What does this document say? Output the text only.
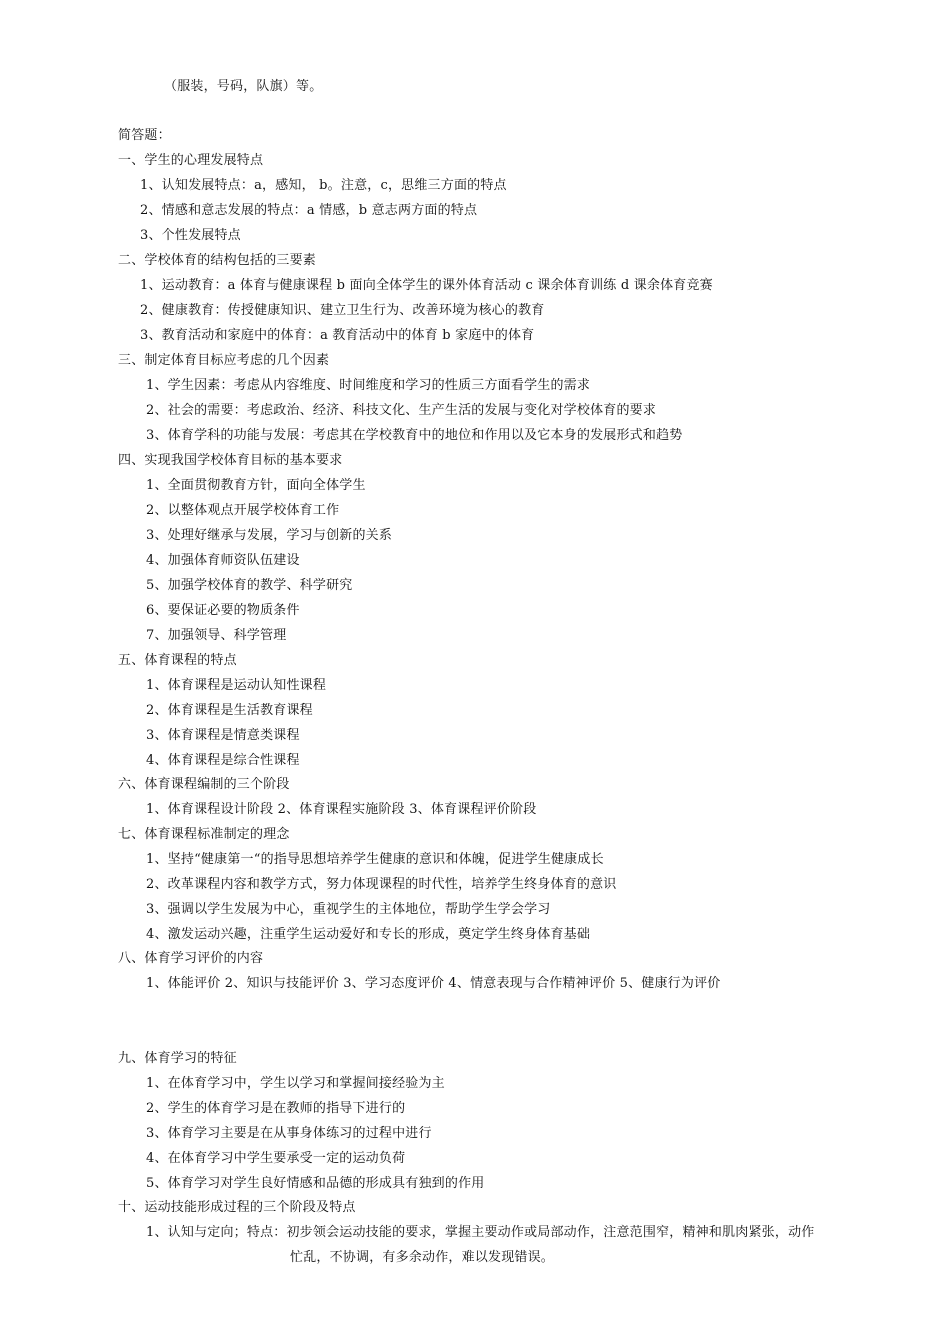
（服装，号码，队旗）等。
简答题：
一、学生的心理发展特点
1、认知发展特点：a，感知， b。注意，c，思维三方面的特点
2、情感和意志发展的特点：a 情感，b 意志两方面的特点
3、个性发展特点
二、学校体育的结构包括的三要素
1、运动教育：a 体育与健康课程 b 面向全体学生的课外体育活动 c 课余体育训练 d 课余体育竞赛
2、健康教育：传授健康知识、建立卫生行为、改善环境为核心的教育
3、教育活动和家庭中的体育：a 教育活动中的体育 b 家庭中的体育
三、制定体育目标应考虑的几个因素
1、学生因素：考虑从内容维度、时间维度和学习的性质三方面看学生的需求
2、社会的需要：考虑政治、经济、科技文化、生产生活的发展与变化对学校体育的要求
3、体育学科的功能与发展：考虑其在学校教育中的地位和作用以及它本身的发展形式和趋势
四、实现我国学校体育目标的基本要求
1、全面贯彻教育方针，面向全体学生
2、以整体观点开展学校体育工作
3、处理好继承与发展，学习与创新的关系
4、加强体育师资队伍建设
5、加强学校体育的教学、科学研究
6、要保证必要的物质条件
7、加强领导、科学管理
五、体育课程的特点
1、体育课程是运动认知性课程
2、体育课程是生活教育课程
3、体育课程是情意类课程
4、体育课程是综合性课程
六、体育课程编制的三个阶段
1、体育课程设计阶段 2、体育课程实施阶段 3、体育课程评价阶段
七、体育课程标准制定的理念
1、坚持“健康第一“的指导思想培养学生健康的意识和体魄，促进学生健康成长
2、改革课程内容和教学方式，努力体现课程的时代性，培养学生终身体育的意识
3、强调以学生发展为中心，重视学生的主体地位，帮助学生学会学习
4、激发运动兴趣，注重学生运动爱好和专长的形成，奠定学生终身体育基础
八、体育学习评价的内容
1、体能评价 2、知识与技能评价 3、学习态度评价 4、情意表现与合作精神评价 5、健康行为评价
九、体育学习的特征
1、在体育学习中，学生以学习和掌握间接经验为主
2、学生的体育学习是在教师的指导下进行的
3、体育学习主要是在从事身体练习的过程中进行
4、在体育学习中学生要承受一定的运动负荷
5、体育学习对学生良好情感和品德的形成具有独到的作用
十、运动技能形成过程的三个阶段及特点
1、认知与定向；特点：初步领会运动技能的要求，掌握主要动作或局部动作，注意范围窄，精神和肌肉紧张，动作
忙乱，不协调，有多余动作，难以发现错误。
